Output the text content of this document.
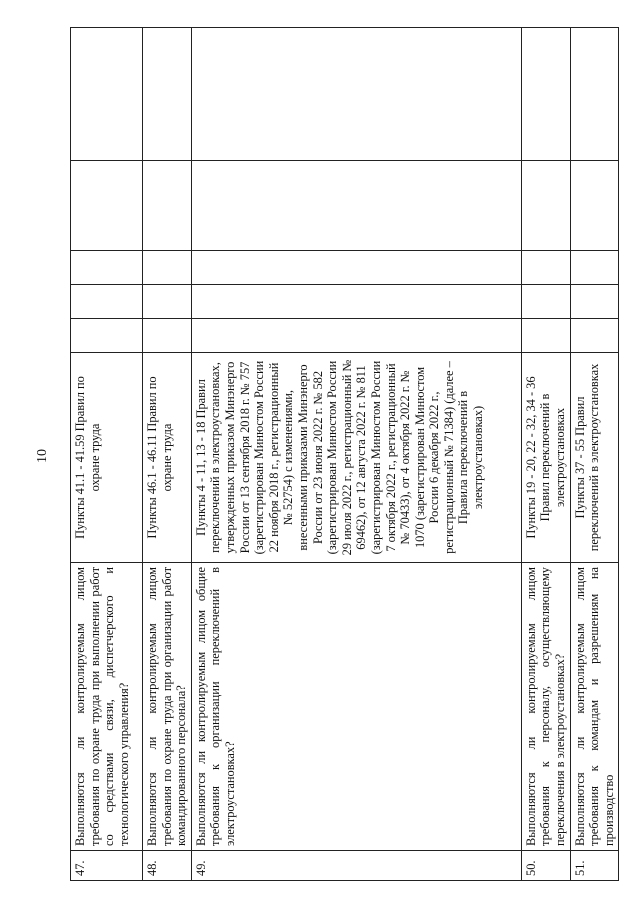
10
47.	Выполняются ли контролируемым лицом требования по охране труда при выполнении работ со средствами связи, диспетчерского и технологического управления?	Пункты 41.1 - 41.59 Правил по охране труда					
48.	Выполняются ли контролируемым лицом требования по охране труда при организации работ командированного персонала?	Пункты 46.1 - 46.11 Правил по охране труда					
49.	Выполняются ли контролируемым лицом общие требования к организации переключений в электроустановках?	Пункты 4 - 11, 13 - 18 Правил переключений в электроустановках, утвержденных приказом Минэнерго России от 13 сентября 2018 г. № 757 (зарегистрирован Минюстом России 22 ноября 2018 г., регистрационный № 52754) с изменениями, внесенными приказами Минэнерго России от 23 июня 2022 г. № 582 (зарегистрирован Минюстом России 29 июля 2022 г., регистрационный № 69462), от 12 августа 2022 г. № 811 (зарегистрирован Минюстом России 7 октября 2022 г., регистрационный № 70433), от 4 октября 2022 г. № 1070 (зарегистрирован Минюстом России 6 декабря 2022 г., регистрационный № 71384) (далее – Правила переключений в электроустановках)					
50.	Выполняются ли контролируемым лицом требования к персоналу, осуществляющему переключения в электроустановках?	Пункты 19 - 20, 22 - 32, 34 - 36 Правил переключений в электроустановках					
51.	Выполняются ли контролируемым лицом требования к командам и разрешениям на производство	Пункты 37 - 55 Правил переключений в электроустановках					
